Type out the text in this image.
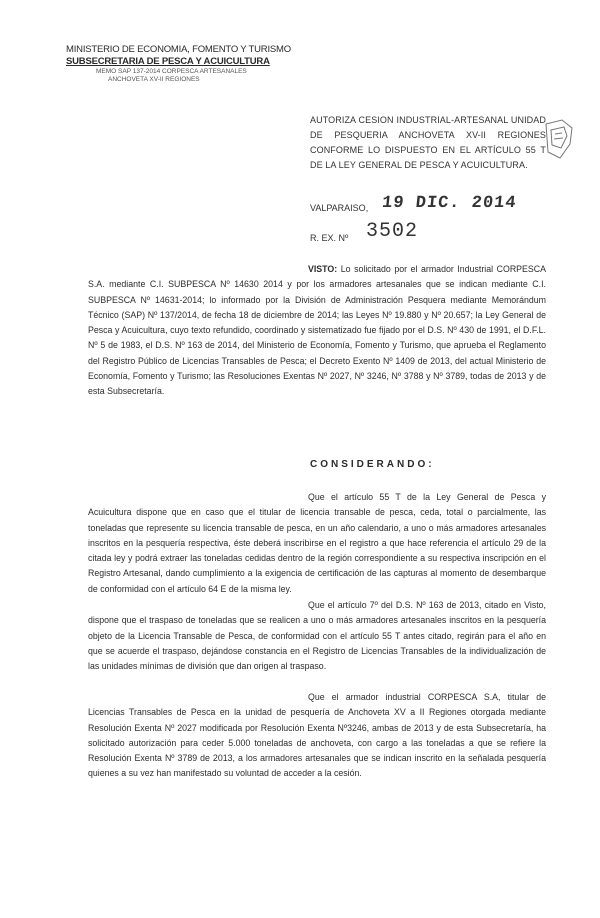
MINISTERIO DE ECONOMIA, FOMENTO Y TURISMO
SUBSECRETARIA DE PESCA Y ACUICULTURA
MEMO SAP 137-2014 CORPESCA ARTESANALES
ANCHOVETA XV-II REGIONES
AUTORIZA CESION INDUSTRIAL-ARTESANAL UNIDAD DE PESQUERIA ANCHOVETA XV-II REGIONES CONFORME LO DISPUESTO EN EL ARTÍCULO 55 T DE LA LEY GENERAL DE PESCA Y ACUICULTURA.
VALPARAISO, 19 DIC. 2014
R. EX. Nº 3502
VISTO: Lo solicitado por el armador Industrial CORPESCA S.A. mediante C.I. SUBPESCA Nº 14630 2014 y por los armadores artesanales que se indican mediante C.I. SUBPESCA Nº 14631-2014; lo informado por la División de Administración Pesquera mediante Memorándum Técnico (SAP) Nº 137/2014, de fecha 18 de diciembre de 2014; las Leyes Nº 19.880 y Nº 20.657; la Ley General de Pesca y Acuicultura, cuyo texto refundido, coordinado y sistematizado fue fijado por el D.S. Nº 430 de 1991, el D.F.L. Nº 5 de 1983, el D.S. Nº 163 de 2014, del Ministerio de Economía, Fomento y Turismo, que aprueba el Reglamento del Registro Público de Licencias Transables de Pesca; el Decreto Exento Nº 1409 de 2013, del actual Ministerio de Economía, Fomento y Turismo; las Resoluciones Exentas Nº 2027, Nº 3246, Nº 3788 y Nº 3789, todas de 2013 y de esta Subsecretaría.
CONSIDERANDO:
Que el artículo 55 T de la Ley General de Pesca y Acuicultura dispone que en caso que el titular de licencia transable de pesca, ceda, total o parcialmente, las toneladas que represente su licencia transable de pesca, en un año calendario, a uno o más armadores artesanales inscritos en la pesquería respectiva, éste deberá inscribirse en el registro a que hace referencia el artículo 29 de la citada ley y podrá extraer las toneladas cedidas dentro de la región correspondiente a su respectiva inscripción en el Registro Artesanal, dando cumplimiento a la exigencia de certificación de las capturas al momento de desembarque de conformidad con el artículo 64 E de la misma ley.
Que el artículo 7º del D.S. Nº 163 de 2013, citado en Visto, dispone que el traspaso de toneladas que se realicen a uno o más armadores artesanales inscritos en la pesquería objeto de la Licencia Transable de Pesca, de conformidad con el artículo 55 T antes citado, regirán para el año en que se acuerde el traspaso, dejándose constancia en el Registro de Licencias Transables de la individualización de las unidades mínimas de división que dan origen al traspaso.
Que el armador industrial CORPESCA S.A, titular de Licencias Transables de Pesca en la unidad de pesquería de Anchoveta XV a II Regiones otorgada mediante Resolución Exenta Nº 2027 modificada por Resolución Exenta Nº3246, ambas de 2013 y de esta Subsecretaría, ha solicitado autorización para ceder 5.000 toneladas de anchoveta, con cargo a las toneladas a que se refiere la Resolución Exenta Nº 3789 de 2013, a los armadores artesanales que se indican inscrito en la señalada pesquería quienes a su vez han manifestado su voluntad de acceder a la cesión.
